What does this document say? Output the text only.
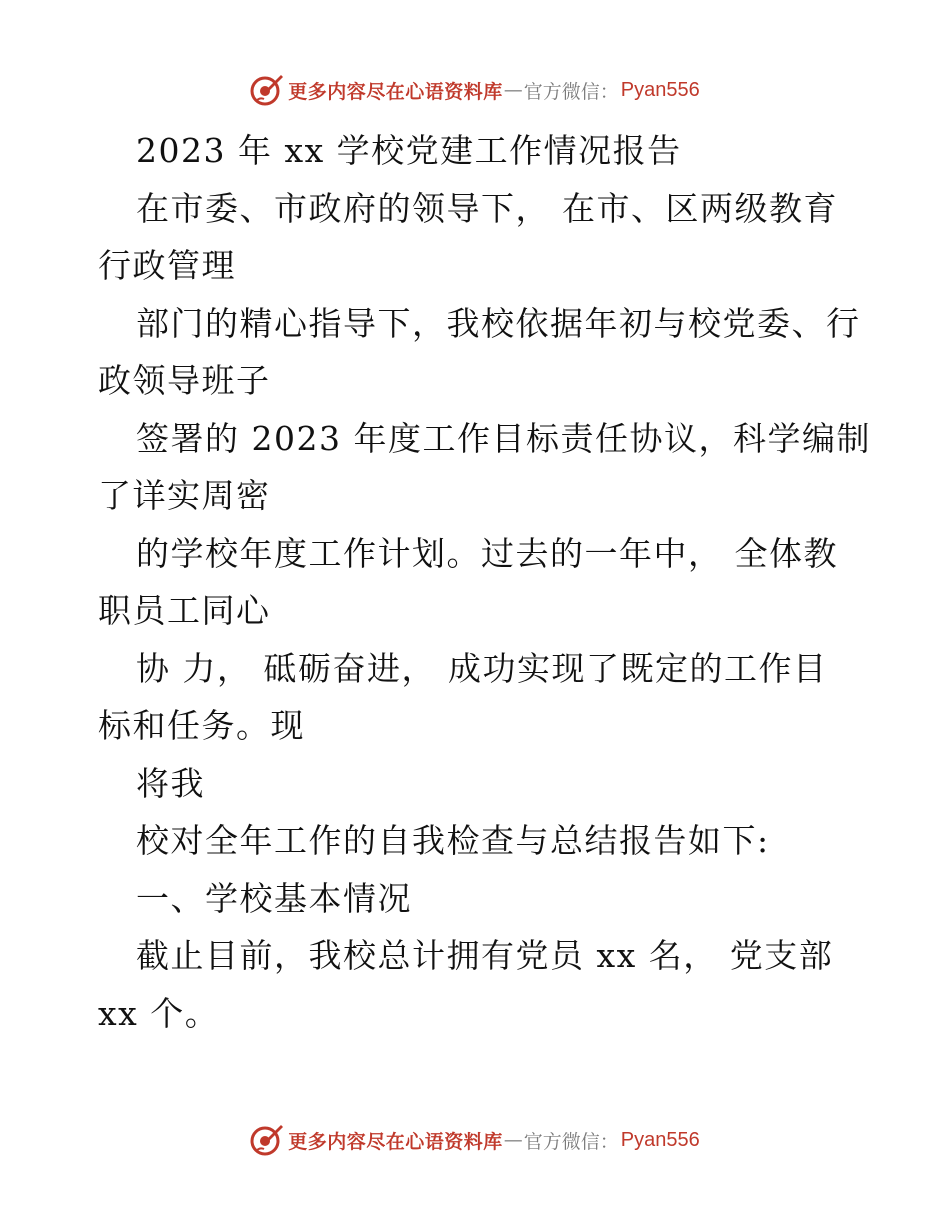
更多内容尽在心语资料库 — 官方微信： Pyan556
2023 年 xx 学校党建工作情况报告
在市委、市政府的领导下， 在市、区两级教育
行政管理
部门的精心指导下，我校依据年初与校党委、行
政领导班子
签署的 2023 年度工作目标责任协议，科学编制
了详实周密
的学校年度工作计划。过去的一年中， 全体教
职员工同心
协 力， 砥砺奋进， 成功实现了既定的工作目
标和任务。现
将我
校对全年工作的自我检查与总结报告如下:
一、学校基本情况
截止目前，我校总计拥有党员 xx 名， 党支部
xx 个。
更多内容尽在心语资料库 — 官方微信： Pyan556
